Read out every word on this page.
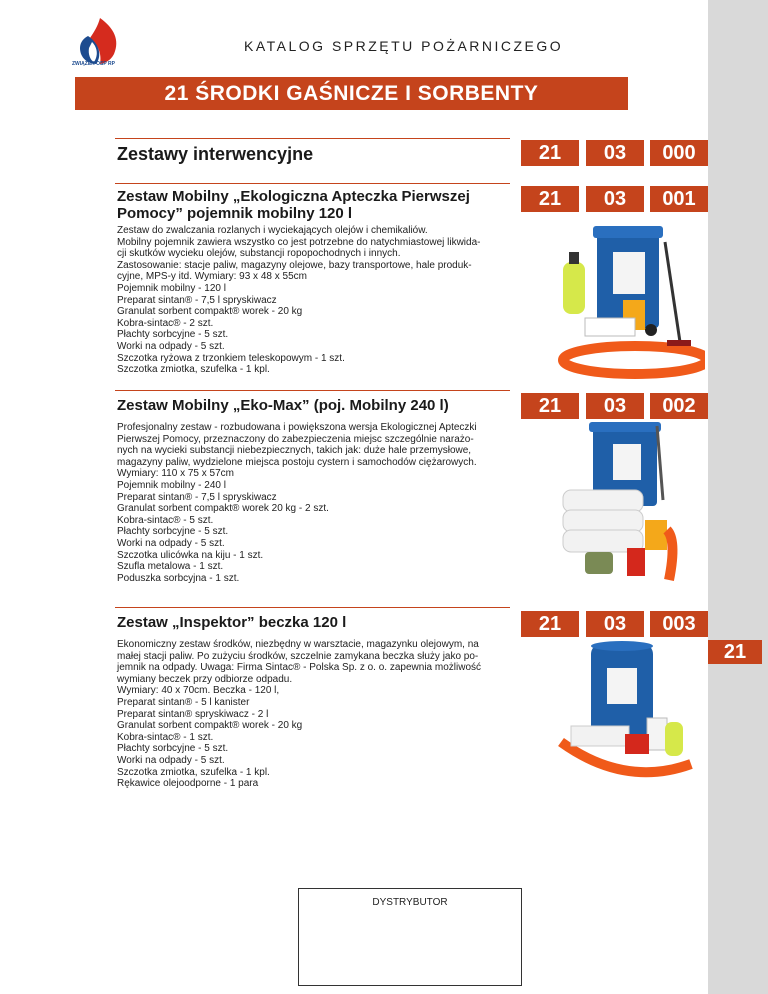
21
ZWIĄZEK OSP RP
KATALOG SPRZĘTU POŻARNICZEGO
21 ŚRODKI GAŚNICZE I SORBENTY
Zestawy interwencyjne	21	03	000
Zestaw Mobilny „Ekologiczna Apteczka Pierwszej
Pomocy” pojemnik mobilny 120 l
21	03	001
Zestaw do zwalczania rozlanych i wyciekających olejów i chemikaliów.
Mobilny pojemnik zawiera wszystko co jest potrzebne do natychmiastowej likwida-
cji skutków wycieku olejów, substancji ropopochodnych i innych.
Zastosowanie: stacje paliw, magazyny olejowe, bazy transportowe, hale produk-
cyjne, MPS-y itd. Wymiary: 93 x 48 x 55cm
Pojemnik mobilny - 120 l
Preparat sintan® - 7,5 l spryskiwacz
Granulat sorbent compakt® worek - 20 kg
Kobra-sintac® - 2 szt.
Płachty sorbcyjne - 5 szt.
Worki na odpady - 5 szt.
Szczotka ryżowa z trzonkiem teleskopowym - 1 szt.
Szczotka zmiotka, szufelka - 1 kpl.
Zestaw Mobilny „Eko-Max” (poj. Mobilny 240 l)	21	03	002
Profesjonalny zestaw - rozbudowana i powiększona wersja Ekologicznej Apteczki
Pierwszej Pomocy, przeznaczony do zabezpieczenia miejsc szczególnie narażo-
nych na wycieki substancji niebezpiecznych, takich jak: duże hale przemysłowe,
magazyny paliw, wydzielone miejsca postoju cystern i samochodów ciężarowych.
Wymiary: 110 x 75 x 57cm
Pojemnik mobilny - 240 l
Preparat sintan® - 7,5 l spryskiwacz
Granulat sorbent compakt® worek 20 kg - 2 szt.
Kobra-sintac® - 5 szt.
Płachty sorbcyjne - 5 szt.
Worki na odpady - 5 szt.
Szczotka ulicówka na kiju - 1 szt.
Szufla metalowa - 1 szt.
Poduszka sorbcyjna - 1 szt.
Zestaw „Inspektor” beczka 120 l	21	03	003
Ekonomiczny zestaw środków, niezbędny w warsztacie, magazynku olejowym, na
małej stacji paliw. Po zużyciu środków, szczelnie zamykana beczka służy jako po-
jemnik na odpady. Uwaga: Firma Sintac® - Polska Sp. z o. o. zapewnia możliwość
wymiany beczek przy odbiorze odpadu.
Wymiary: 40 x 70cm. Beczka - 120 l,
Preparat sintan® - 5 l kanister
Preparat sintan® spryskiwacz - 2 l
Granulat sorbent compakt® worek - 20 kg
Kobra-sintac® - 1 szt.
Płachty sorbcyjne - 5 szt.
Worki na odpady - 5 szt.
Szczotka zmiotka, szufelka - 1 kpl.
Rękawice olejoodporne - 1 para
DYSTRYBUTOR
